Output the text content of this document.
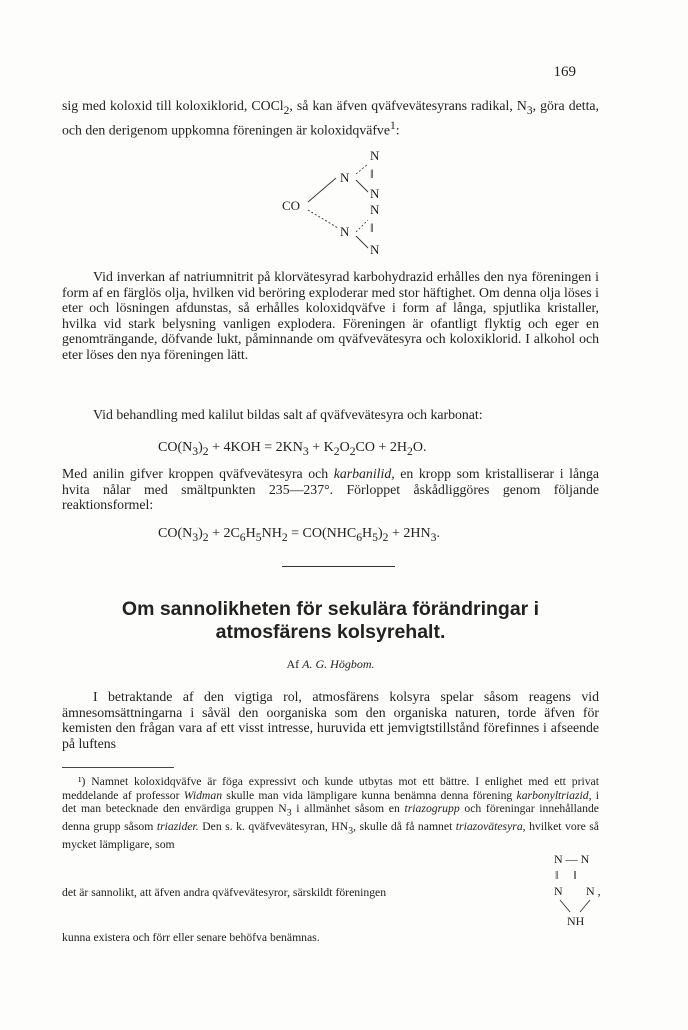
169

sig med koloxid till koloxiklorid, COCl$_2$, så kan äfven qväfvevätesyrans radikal, $N_3$, göra detta, och den derigenom uppkomna föreningen är koloxidqväfve$^1$:

CO
N
N
‖
N
N
‖
N
N

Vid inverkan af natriumnitrit på klorvätesyrad karbohydrazid erhålles den nya föreningen i form af en färglös olja, hvilken vid beröring exploderar med stor häftighet. Om denna olja löses i eter och lösningen afdunstas, så erhålles koloxidqväfve i form af långa, spjutlika kristaller, hvilka vid stark belysning vanligen explodera. Föreningen är ofantligt flyktig och eger en genomträngande, döfvande lukt, påminnande om qväfvevätesyra och koloxiklorid. I alkohol och eter löses den nya föreningen lätt.

Vid behandling med kalilut bildas salt af qväfvevätesyra och karbonat:

$CO(N_3)_2 + 4KOH = 2KN_3 + K_2O_2CO + 2H_2O$.

Med anilin gifver kroppen qväfvevätesyra och karbanilid, en kropp som kristalliserar i långa hvita nålar med smältpunkten 235—237°. Förloppet åskådliggöres genom följande reaktionsformel:

$CO(N_3)_2 + 2C_6H_5NH_2 = CO(NHC_6H_5)_2 + 2HN_3$.
Om sannolikheten för sekulära förändringar i atmosfärens kolsyrehalt.
Af A. G. Högbom.

I betraktande af den vigtiga rol, atmosfärens kolsyra spelar såsom reagens vid ämnesomsättningarna i såväl den oorganiska som den organiska naturen, torde äfven för kemisten den frågan vara af ett visst intresse, huruvida ett jemvigtstillstånd förefinnes i afseende på luftens

¹) Namnet koloxidqväfve är föga expressivt och kunde utbytas mot ett bättre. I enlighet med ett privat meddelande af professor Widman skulle man vida lämpligare kunna benämna denna förening karbonyltriazid, i det man betecknade den envärdiga gruppen $N_3$ i allmänhet såsom en triazogrupp och föreningar innehållande denna grupp såsom triazider. Den s. k. qväfvevätesyran, $HN_3$, skulle då få namnet triazovätesyra, hvilket vore så mycket lämpligare, som

det är sannolikt, att äfven andra qväfvevätesyror, särskildt föreningen
N — N
‖     ‖
N N ,
NH
kunna existera och förr eller senare behöfva benämnas.
